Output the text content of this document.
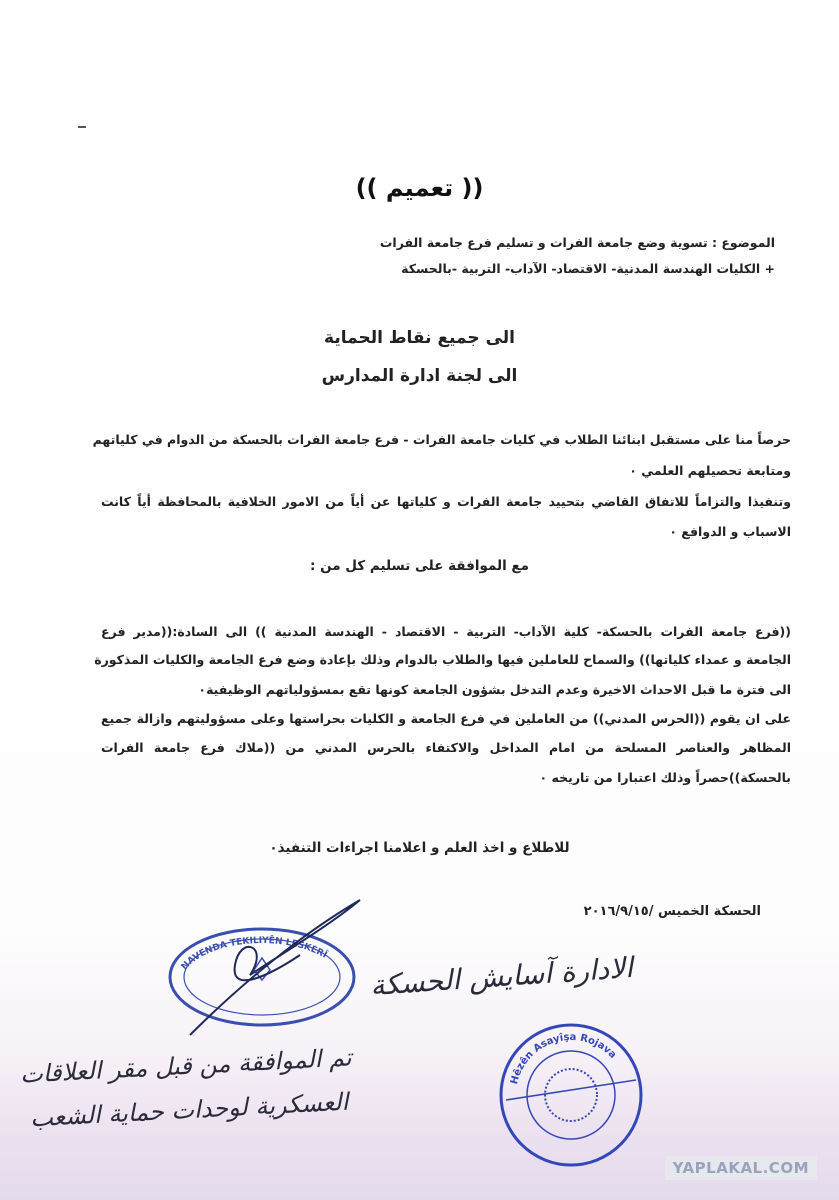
(( تعميم ))
الموضوع : تسوية وضع جامعة الفرات و تسليم فرع جامعة الفرات
+ الكليات الهندسة المدنية- الاقتصاد- الآداب- التربية -بالحسكة
الى جميع نقاط الحماية
الى لجنة ادارة المدارس
حرصاً منا على مستقبل ابنائنا الطلاب في كليات جامعة الفرات - فرع جامعة الفرات بالحسكة من الدوام في كلياتهم
ومتابعة تحصيلهم العلمي ٠
وتنفيذا والتزاماً للاتفاق القاضي بتحييد جامعة الفرات و كلياتها عن أياً من الامور الخلافية بالمحافظة أياً كانت
الاسباب و الدوافع ٠
مع الموافقة على تسليم كل من :
((فرع جامعة الفرات بالحسكة- كلية الآداب- التربية - الاقتصاد - الهندسة المدنية )) الى السادة:((مدير فرع
الجامعة و عمداء كلياتها)) والسماح للعاملين فيها والطلاب بالدوام وذلك بإعادة وضع فرع الجامعة والكليات المذكورة
الى فترة ما قبل الاحداث الاخيرة وعدم التدخل بشؤون الجامعة كونها تقع بمسؤولياتهم الوظيفية٠
على ان يقوم ((الحرس المدني)) من العاملين في فرع الجامعة و الكليات بحراستها وعلى مسؤوليتهم وازالة جميع
المظاهر والعناصر المسلحة من امام المداخل والاكتفاء بالحرس المدني من ((ملاك فرع جامعة الفرات
بالحسكة))حصراً وذلك اعتبارا من تاريخه ٠
للاطلاع و اخذ العلم و اعلامنا اجراءات التنفيذ٠
الحسكة الخميس /٢٠١٦/٩/١٥
NAVENDA TEKILIYÊN LESKERÎ الادارة آسايش الحسكة
Hêzên Asayîşa Rojava
تم الموافقة من قبل مقر العلاقات
العسكرية لوحدات حماية الشعب
YAPLAKAL.COM
